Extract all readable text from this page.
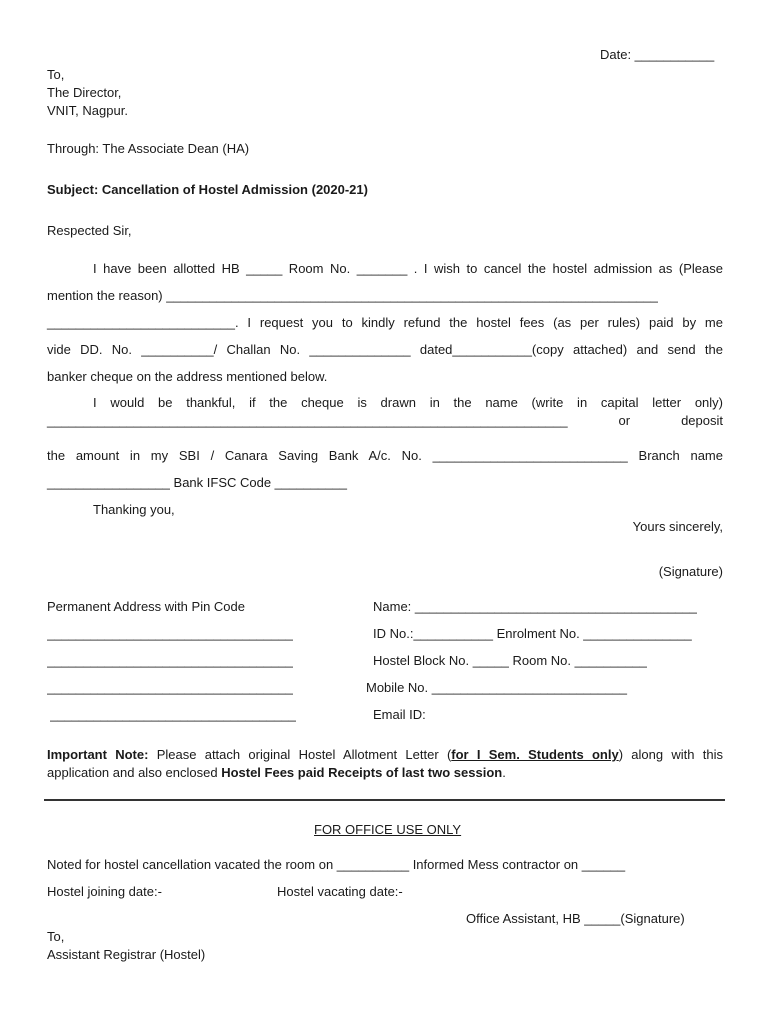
Date: ___________
To,
The Director,
VNIT, Nagpur.
Through: The Associate Dean (HA)
Subject: Cancellation of Hostel Admission (2020-21)
Respected Sir,
I have been allotted HB _____ Room No. _______ . I wish to cancel the hostel admission as (Please
mention the reason) ____________________________________________________________________
__________________________. I request you to kindly refund the hostel fees (as per rules) paid by me
vide DD. No. __________/ Challan No. ______________ dated___________(copy attached) and send the
banker cheque on the address mentioned below.
I would be thankful, if the cheque is drawn in the name (write in capital letter only)
________________________________________________________________________ or deposit
the amount in my SBI / Canara Saving Bank A/c. No. ___________________________ Branch name
_________________ Bank IFSC Code __________
Thanking you,
Yours sincerely,
(Signature)
Permanent Address with Pin Code
__________________________________
__________________________________
__________________________________
__________________________________
Name: _______________________________________
ID No.:___________ Enrolment No. _______________
Hostel Block No. _____ Room No. __________
Mobile No. ___________________________
Email ID:
Important Note: Please attach original Hostel Allotment Letter (for I Sem. Students only) along with this
application and also enclosed Hostel Fees paid Receipts of last two session.
FOR OFFICE USE ONLY
Noted for hostel cancellation vacated the room on __________ Informed Mess contractor on ______
Hostel joining date:-	Hostel vacating date:-
Office Assistant, HB _____(Signature)
To,
Assistant Registrar (Hostel)
